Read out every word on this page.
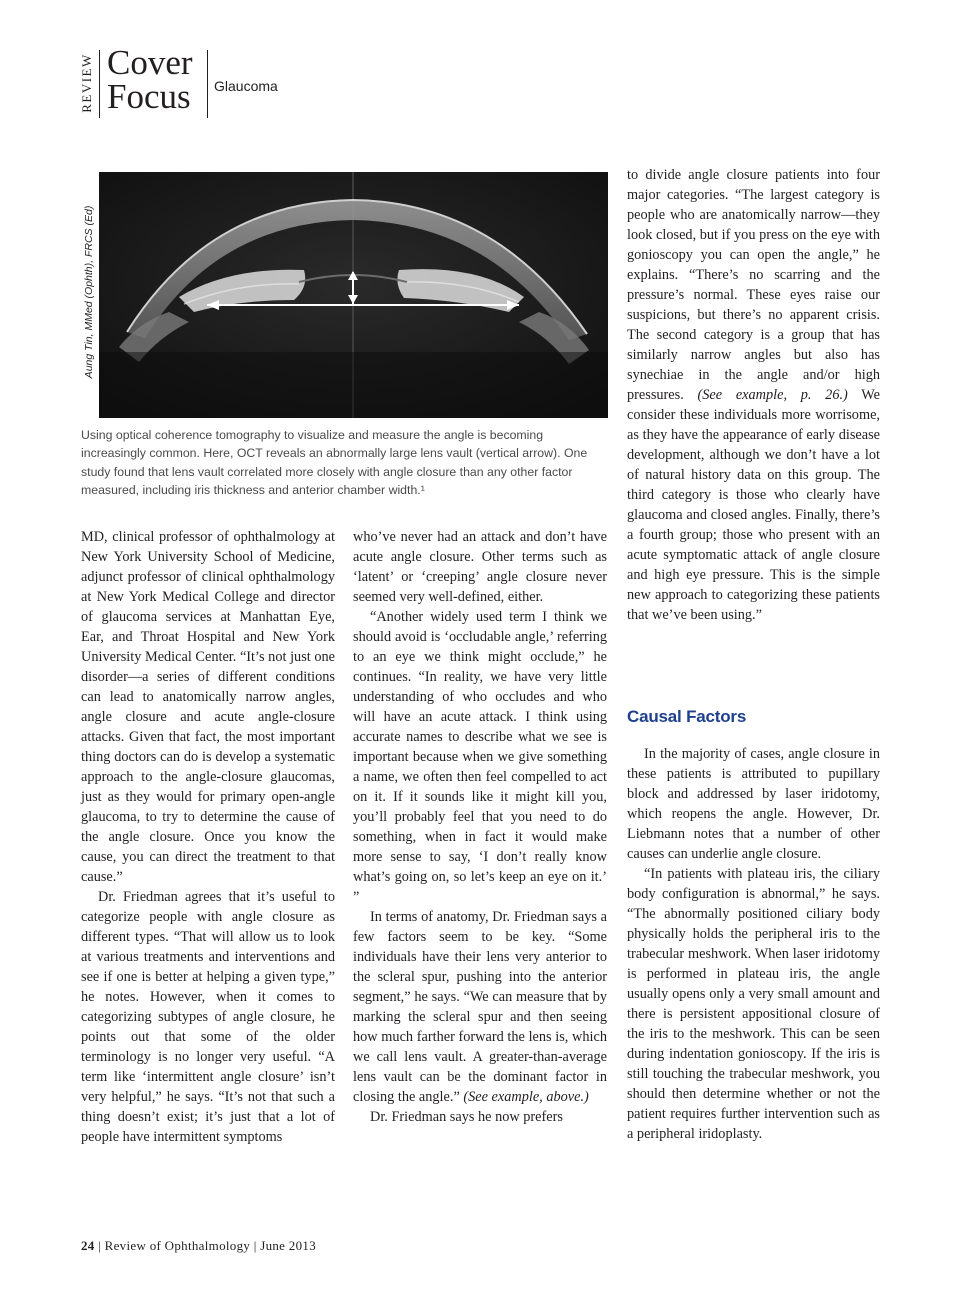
REVIEW Cover
Focus Glaucoma
Aung Tin, MMed (Ophth), FRCS (Ed)
Using optical coherence tomography to visualize and measure the angle is becoming increasingly common. Here, OCT reveals an abnormally large lens vault (vertical arrow). One study found that lens vault correlated more closely with angle closure than any other factor measured, including iris thickness and anterior chamber width.¹

MD, clinical professor of ophthalmology at New York University School of Medicine, adjunct professor of clinical ophthalmology at New York Medical College and director of glaucoma services at Manhattan Eye, Ear, and Throat Hospital and New York University Medical Center. “It’s not just one disorder—a series of different conditions can lead to anatomically narrow angles, angle closure and acute angle-closure attacks. Given that fact, the most important thing doctors can do is develop a systematic approach to the angle-closure glaucomas, just as they would for primary open-angle glaucoma, to try to determine the cause of the angle closure. Once you know the cause, you can direct the treatment to that cause.”

Dr. Friedman agrees that it’s useful to categorize people with angle closure as different types. “That will allow us to look at various treatments and interventions and see if one is better at helping a given type,” he notes. However, when it comes to categorizing subtypes of angle closure, he points out that some of the older terminology is no longer very useful. “A term like ‘intermittent angle closure’ isn’t very helpful,” he says. “It’s not that such a thing doesn’t exist; it’s just that a lot of people have intermittent symptoms

who’ve never had an attack and don’t have acute angle closure. Other terms such as ‘latent’ or ‘creeping’ angle closure never seemed very well-defined, either.

“Another widely used term I think we should avoid is ‘occludable angle,’ referring to an eye we think might occlude,” he continues. “In reality, we have very little understanding of who occludes and who will have an acute attack. I think using accurate names to describe what we see is important because when we give something a name, we often then feel compelled to act on it. If it sounds like it might kill you, you’ll probably feel that you need to do something, when in fact it would make more sense to say, ‘I don’t really know what’s going on, so let’s keep an eye on it.’ ”

In terms of anatomy, Dr. Friedman says a few factors seem to be key. “Some individuals have their lens very anterior to the scleral spur, pushing into the anterior segment,” he says. “We can measure that by marking the scleral spur and then seeing how much farther forward the lens is, which we call lens vault. A greater-than-average lens vault can be the dominant factor in closing the angle.” (See example, above.)

Dr. Friedman says he now prefers

to divide angle closure patients into four major categories. “The largest category is people who are anatomically narrow—they look closed, but if you press on the eye with gonioscopy you can open the angle,” he explains. “There’s no scarring and the pressure’s normal. These eyes raise our suspicions, but there’s no apparent crisis. The second category is a group that has similarly narrow angles but also has synechiae in the angle and/or high pressures. (See example, p. 26.) We consider these individuals more worrisome, as they have the appearance of early disease development, although we don’t have a lot of natural history data on this group. The third category is those who clearly have glaucoma and closed angles. Finally, there’s a fourth group; those who present with an acute symptomatic attack of angle closure and high eye pressure. This is the simple new approach to categorizing these patients that we’ve been using.”

Causal Factors

In the majority of cases, angle closure in these patients is attributed to pupillary block and addressed by laser iridotomy, which reopens the angle. However, Dr. Liebmann notes that a number of other causes can underlie angle closure.

“In patients with plateau iris, the ciliary body configuration is abnormal,” he says. “The abnormally positioned ciliary body physically holds the peripheral iris to the trabecular meshwork. When laser iridotomy is performed in plateau iris, the angle usually opens only a very small amount and there is persistent appositional closure of the iris to the meshwork. This can be seen during indentation gonioscopy. If the iris is still touching the trabecular meshwork, you should then determine whether or not the patient requires further intervention such as a peripheral iridoplasty.

24 | Review of Ophthalmology | June 2013
